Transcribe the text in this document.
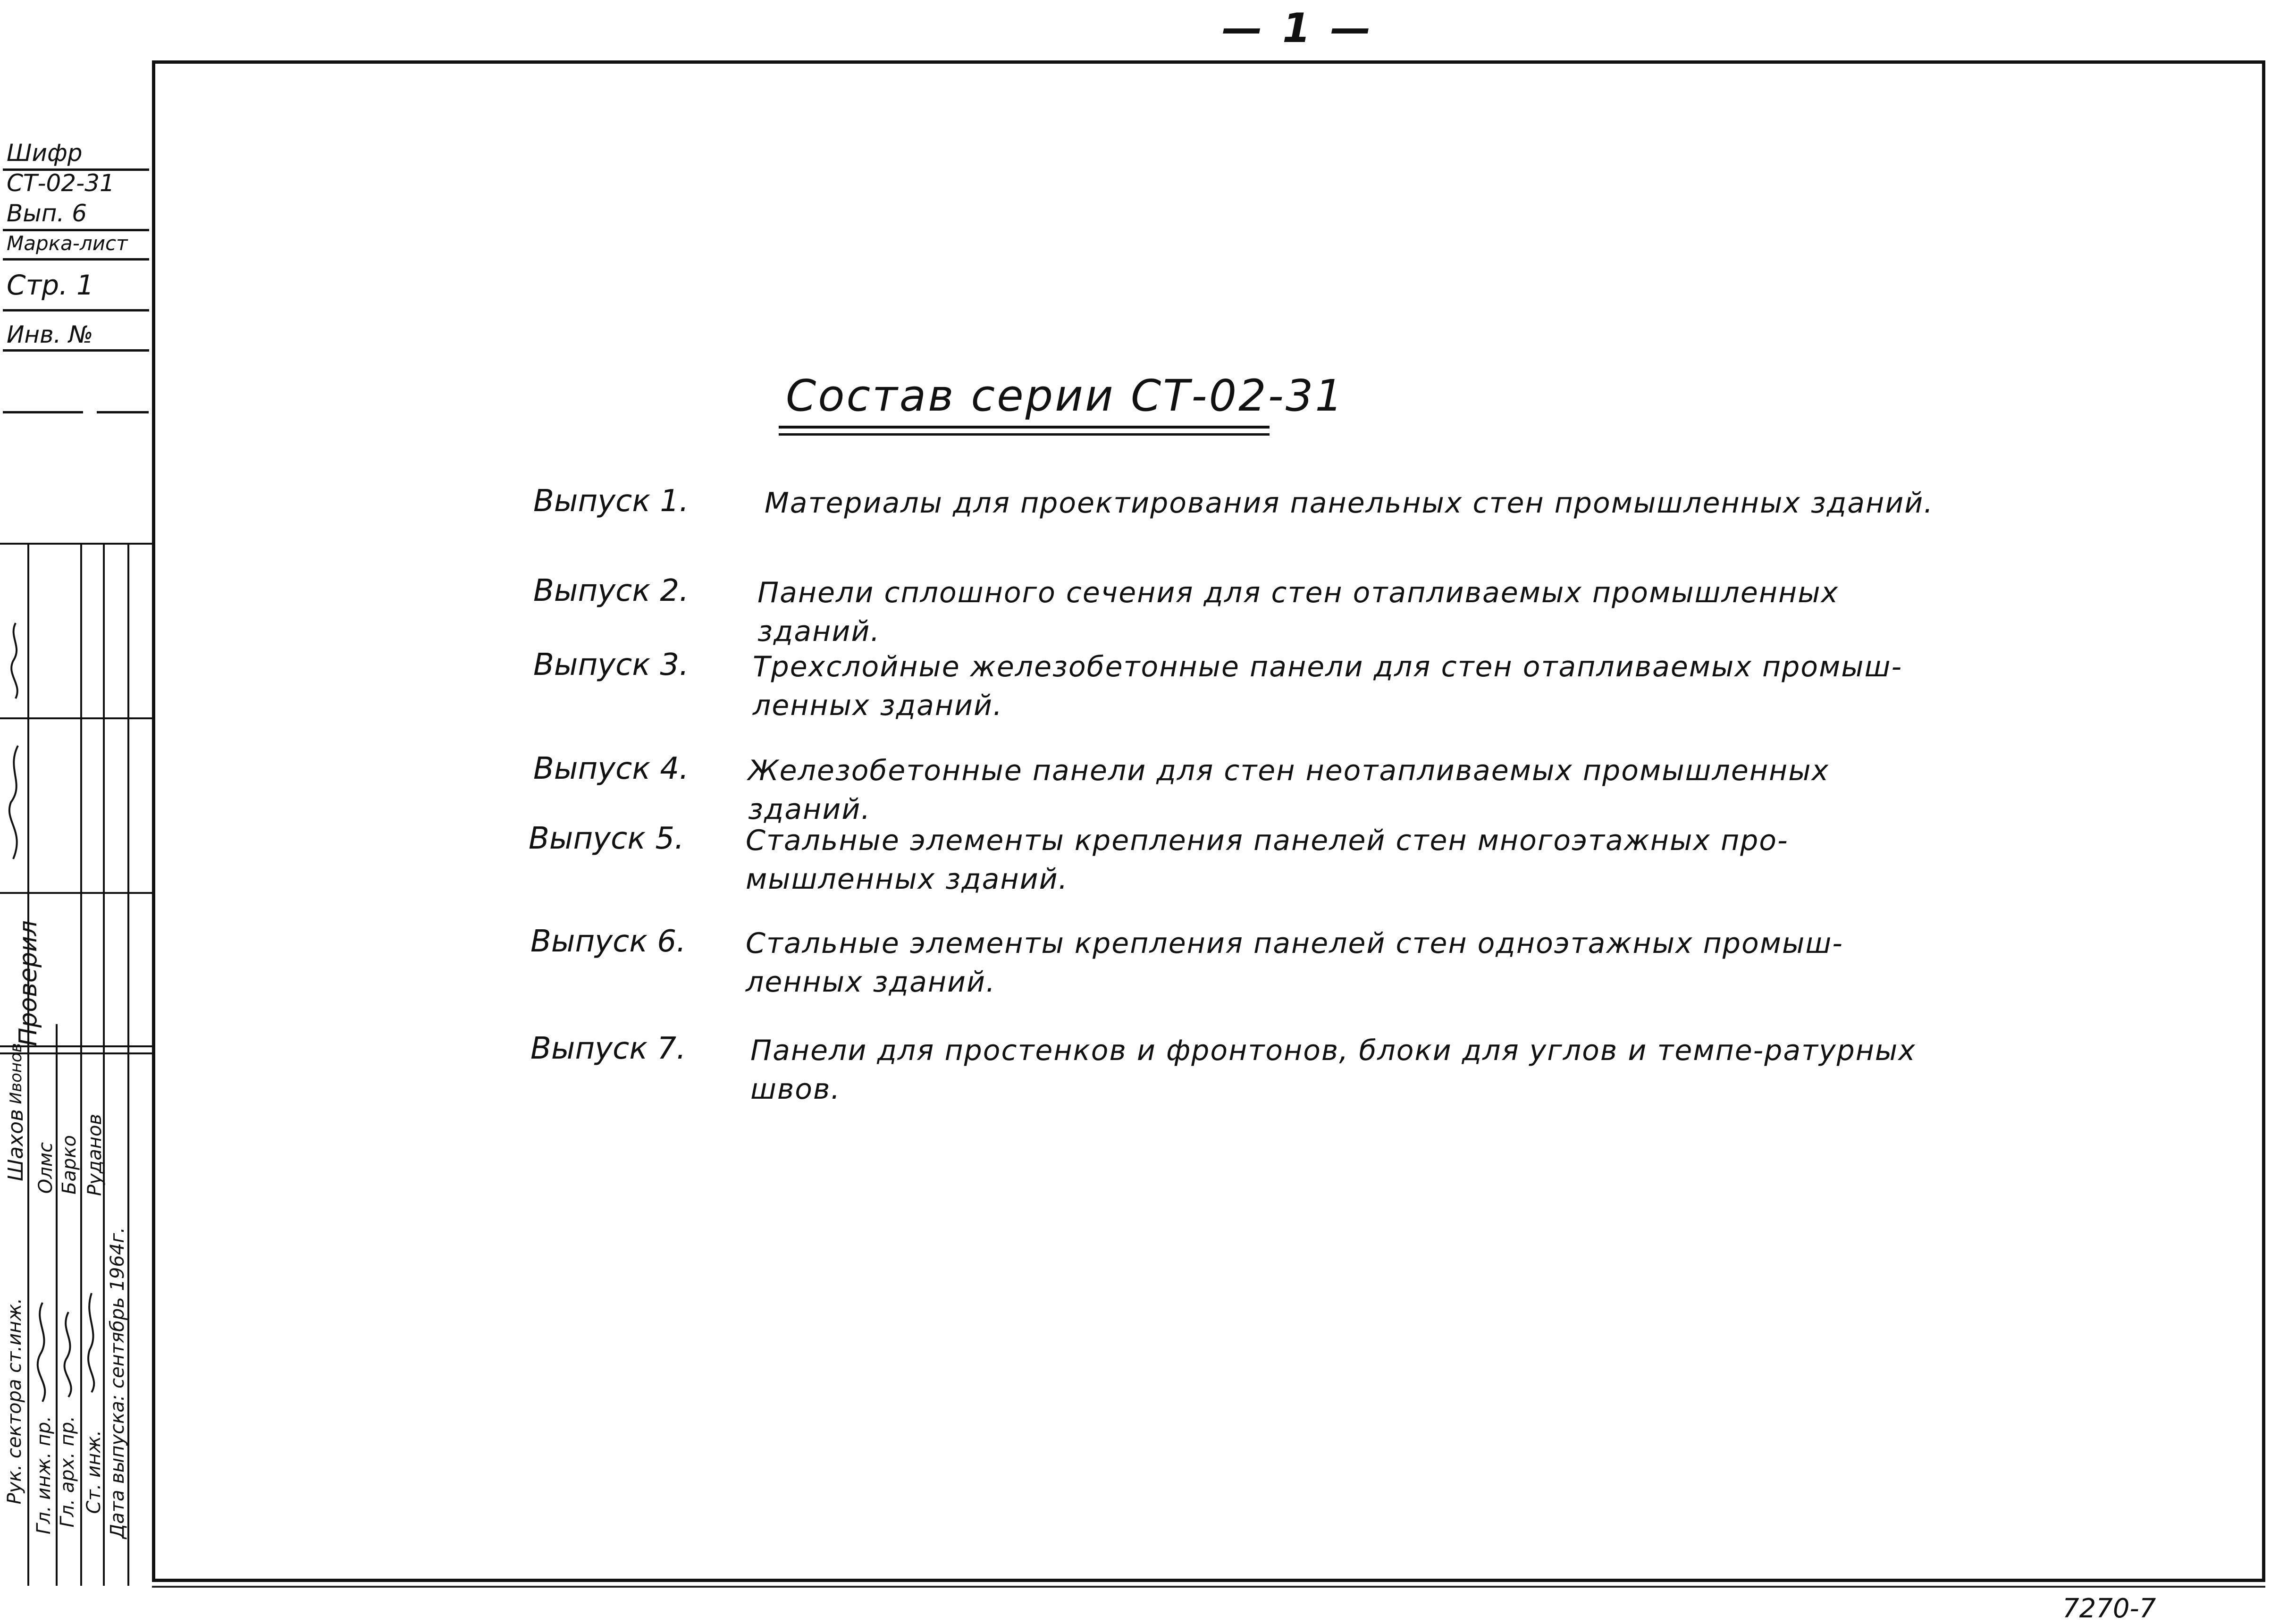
— 1 —
Шифр
СТ-02-31
Вып. 6
Марка-лист
Стр. 1
Инв. №
Проверил
Рук. сектора ст.инж. Гл. инж. пр. Гл. арх. пр. Ст. инж. Дата выпуска: сентябрь 1964г.
Шахов Олмс Барко Руданов
Ивонов
Состав серии СТ-02-31
Выпуск 1.	Материалы для проектирования панельных стен промышленных зданий.
Выпуск 2. Панели сплошного сечения для стен отапливаемых промышленных зданий.
Выпуск 3. Трехслойные железобетонные панели для стен отапливаемых промыш-ленных зданий.
Выпуск 4. Железобетонные панели для стен неотапливаемых промышленных зданий.
Выпуск 5. Стальные элементы крепления панелей стен многоэтажных про-мышленных зданий.
Выпуск 6. Стальные элементы крепления панелей стен одноэтажных промыш-ленных зданий.
Выпуск 7. Панели для простенков и фронтонов, блоки для углов и темпе-ратурных швов.
7270-7
